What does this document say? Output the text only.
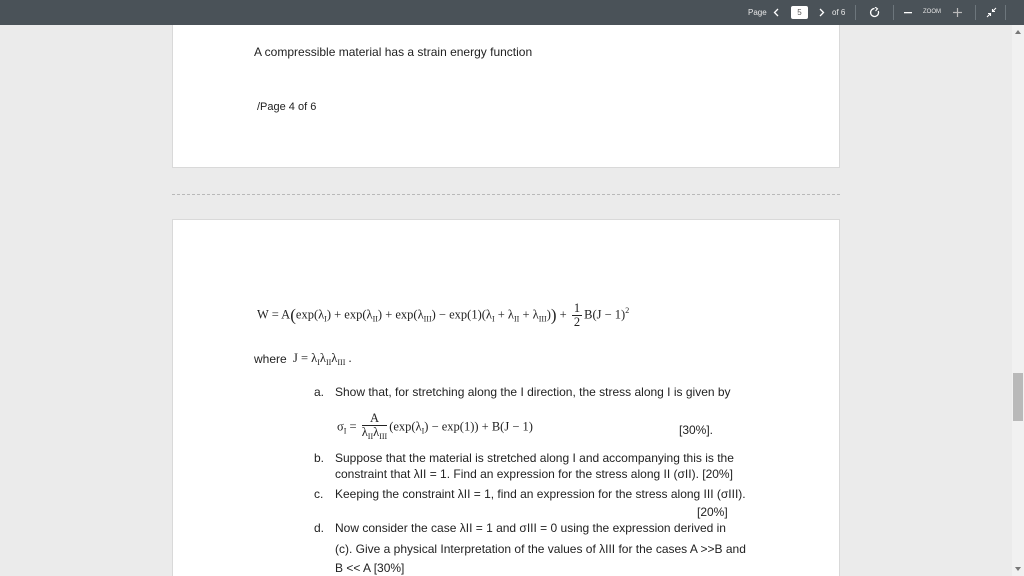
Page	5	of 6	ZOOM
A compressible material has a strain energy function
/Page 4 of 6
$W = A(\exp(\lambda_I) + \exp(\lambda_{II}) + \exp(\lambda_{III}) - \exp(1)(\lambda_I + \lambda_{II} + \lambda_{III})) + \frac{1}{2} B(J - 1)^2$
where $J = \lambda_I\lambda_{II}\lambda_{III}$ .
a. Show that, for stretching along the I direction, the stress along I is given by
$\sigma_I = \frac{A}{\lambda_{II}\lambda_{III}} (\exp(\lambda_I) - \exp(1)) + B(J - 1)$	[30%].
b. Suppose that the material is stretched along I and accompanying this is the
constraint that λII = 1. Find an expression for the stress along II (σII). [20%]
c. Keeping the constraint λII = 1, find an expression for the stress along III (σIII).
[20%]
d. Now consider the case λII = 1 and σIII = 0 using the expression derived in
(c). Give a physical Interpretation of the values of λIII for the cases A >>B and
B << A [30%]
